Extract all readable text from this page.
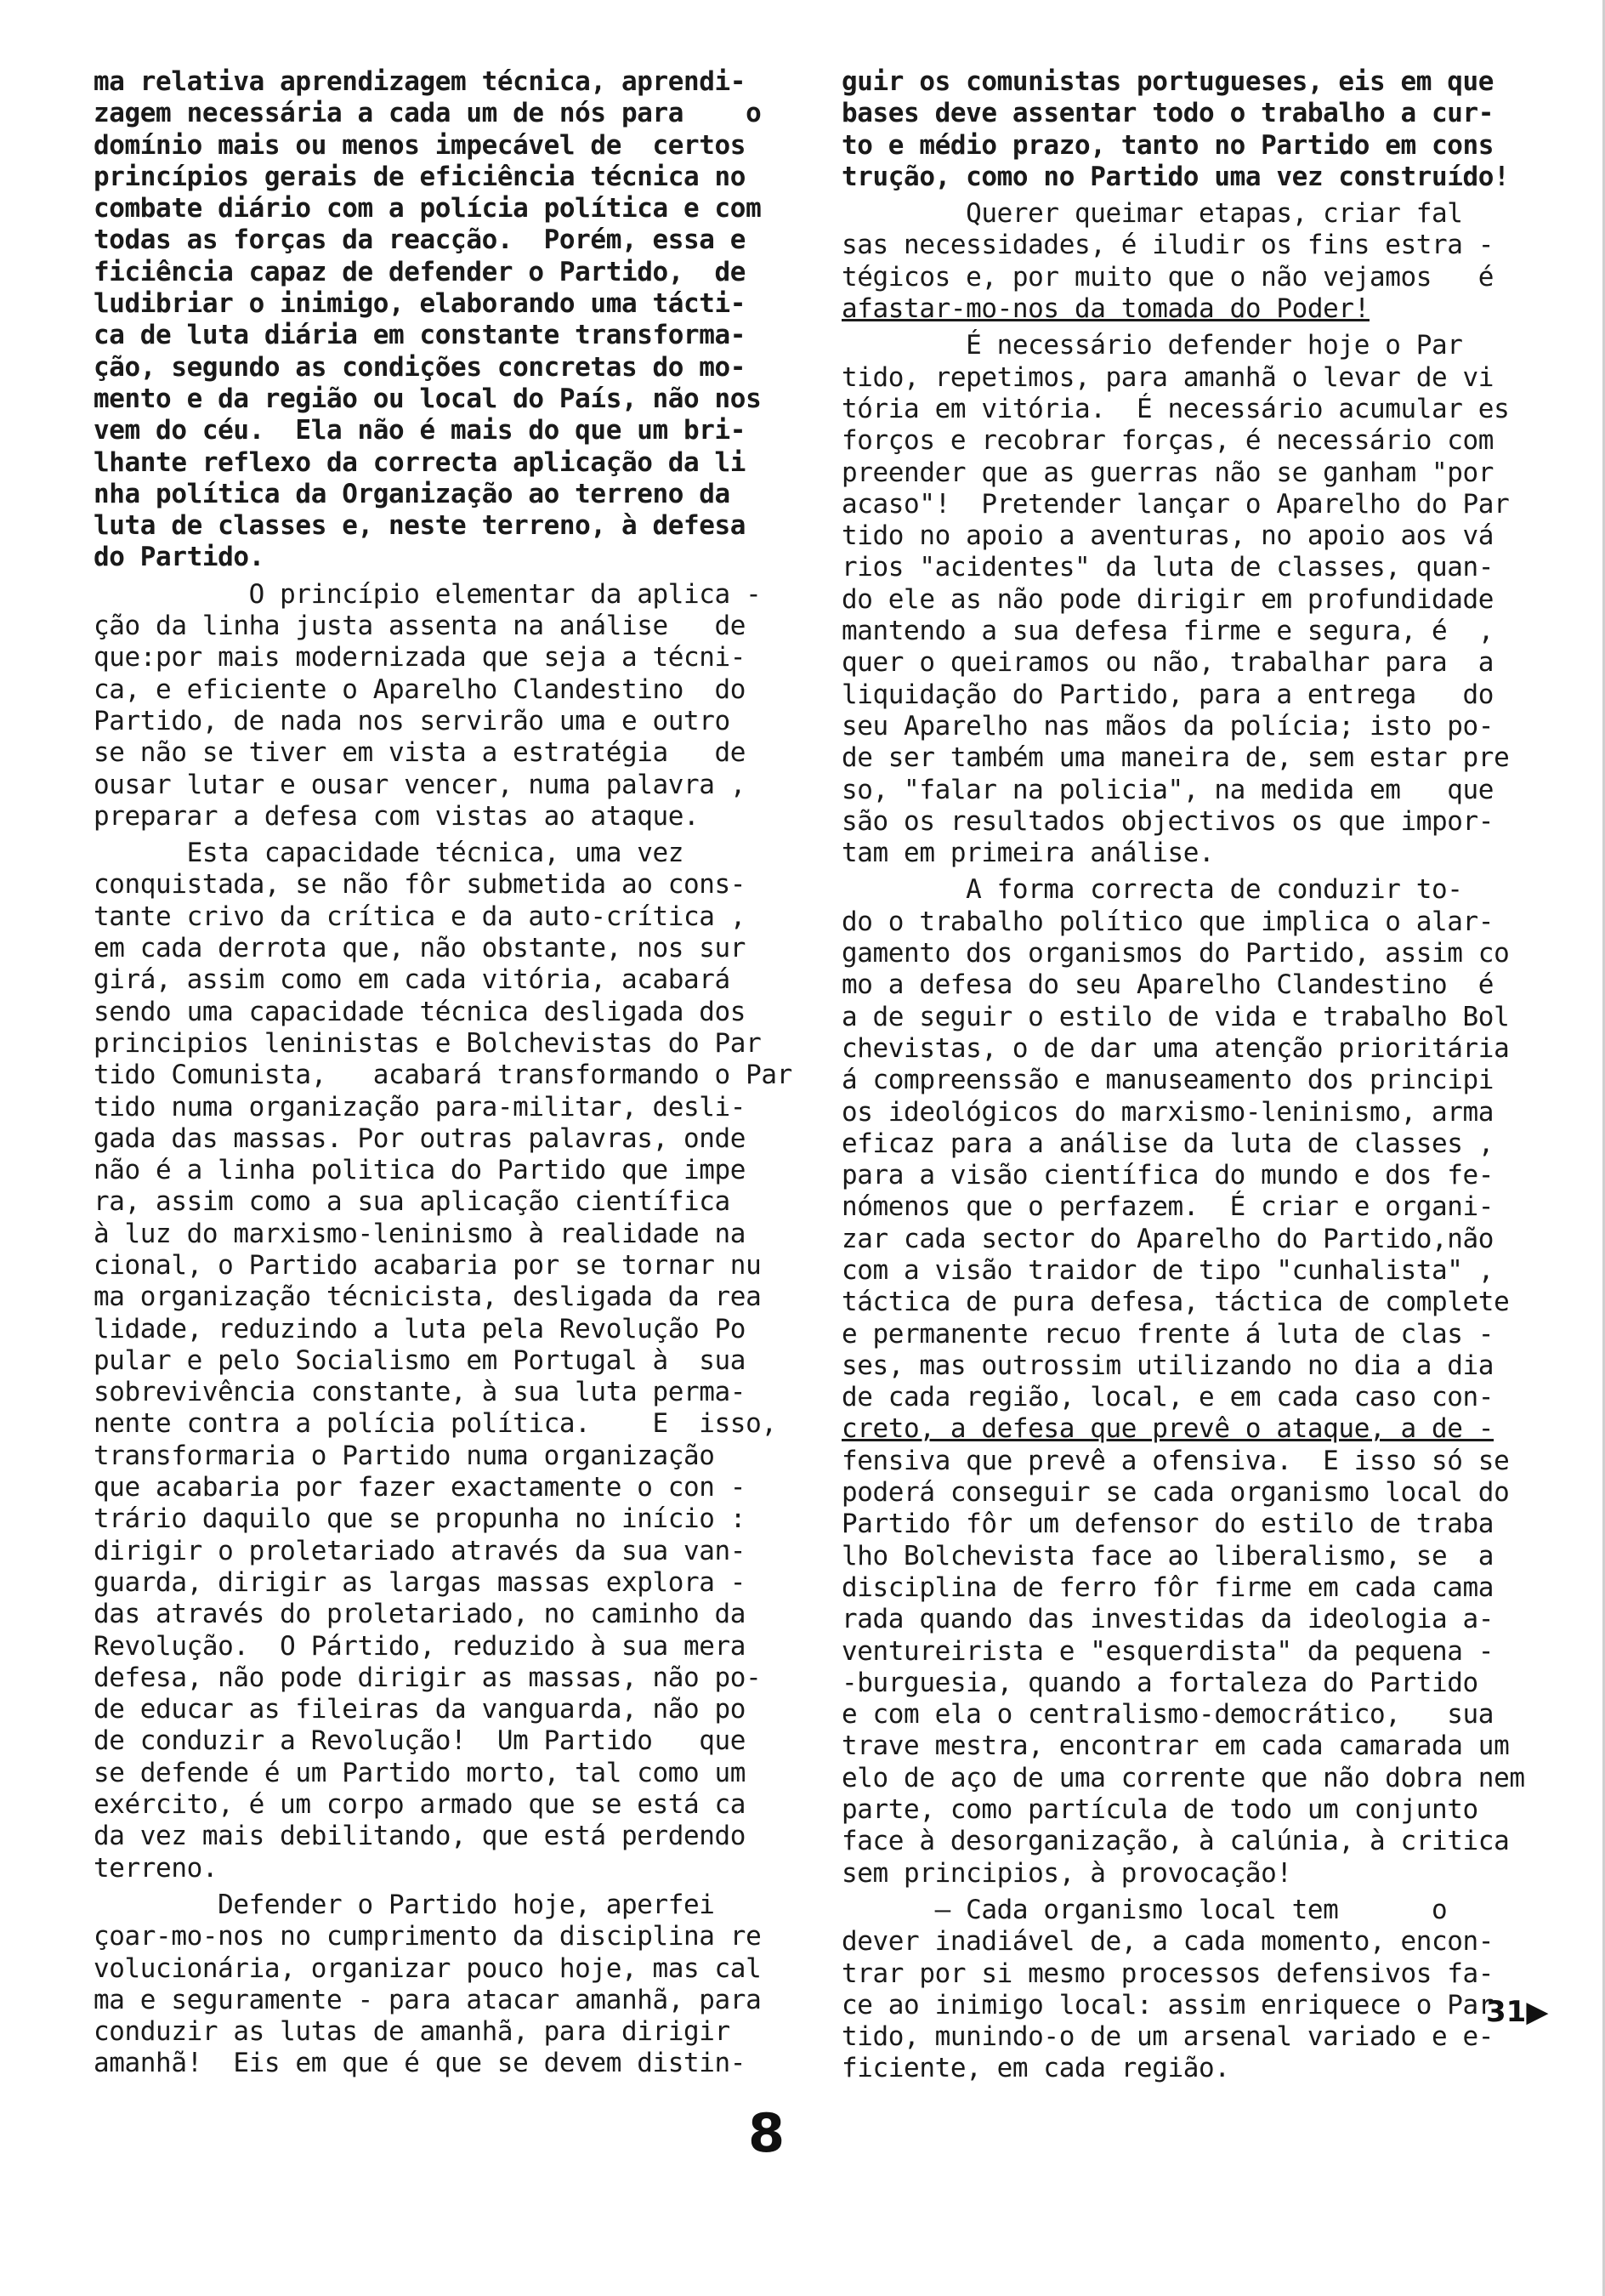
ma relativa aprendizagem técnica, aprendi-
zagem necessária a cada um de nós para    o
domínio mais ou menos impecável de  certos
princípios gerais de eficiência técnica no
combate diário com a polícia política e com
todas as forças da reacção.  Porém, essa e
ficiência capaz de defender o Partido,  de
ludibriar o inimigo, elaborando uma tácti-
ca de luta diária em constante transforma-
ção, segundo as condições concretas do mo-
mento e da região ou local do País, não nos
vem do céu.  Ela não é mais do que um bri-
lhante reflexo da correcta aplicação da li
nha política da Organização ao terreno da
luta de classes e, neste terreno, à defesa
do Partido.
O princípio elementar da aplica -
ção da linha justa assenta na análise   de
que:por mais modernizada que seja a técni-
ca, e eficiente o Aparelho Clandestino  do
Partido, de nada nos servirão uma e outro
se não se tiver em vista a estratégia   de
ousar lutar e ousar vencer, numa palavra ,
preparar a defesa com vistas ao ataque.
Esta capacidade técnica, uma vez
conquistada, se não fôr submetida ao cons-
tante crivo da crítica e da auto-crítica ,
em cada derrota que, não obstante, nos sur
girá, assim como em cada vitória, acabará
sendo uma capacidade técnica desligada dos
principios leninistas e Bolchevistas do Par
tido Comunista,   acabará transformando o Par
tido numa organização para-militar, desli-
gada das massas. Por outras palavras, onde
não é a linha politica do Partido que impe
ra, assim como a sua aplicação científica
à luz do marxismo-leninismo à realidade na
cional, o Partido acabaria por se tornar nu
ma organização técnicista, desligada da rea
lidade, reduzindo a luta pela Revolução Po
pular e pelo Socialismo em Portugal à  sua
sobrevivência constante, à sua luta perma-
nente contra a polícia política.    E  isso,
transformaria o Partido numa organização
que acabaria por fazer exactamente o con -
trário daquilo que se propunha no início :
dirigir o proletariado através da sua van-
guarda, dirigir as largas massas explora -
das através do proletariado, no caminho da
Revolução.  O Pártido, reduzido à sua mera
defesa, não pode dirigir as massas, não po-
de educar as fileiras da vanguarda, não po
de conduzir a Revolução!  Um Partido   que
se defende é um Partido morto, tal como um
exército, é um corpo armado que se está ca
da vez mais debilitando, que está perdendo
terreno.
Defender o Partido hoje, aperfei
çoar-mo-nos no cumprimento da disciplina re
volucionária, organizar pouco hoje, mas cal
ma e seguramente - para atacar amanhã, para
conduzir as lutas de amanhã, para dirigir
amanhã!  Eis em que é que se devem distin-
guir os comunistas portugueses, eis em que
bases deve assentar todo o trabalho a cur-
to e médio prazo, tanto no Partido em cons
trução, como no Partido uma vez construído!
Querer queimar etapas, criar fal
sas necessidades, é iludir os fins estra -
tégicos e, por muito que o não vejamos   é
afastar-mo-nos da tomada do Poder!
É necessário defender hoje o Par
tido, repetimos, para amanhã o levar de vi
tória em vitória.  É necessário acumular es
forços e recobrar forças, é necessário com
preender que as guerras não se ganham "por
acaso"!  Pretender lançar o Aparelho do Par
tido no apoio a aventuras, no apoio aos vá
rios "acidentes" da luta de classes, quan-
do ele as não pode dirigir em profundidade
mantendo a sua defesa firme e segura, é  ,
quer o queiramos ou não, trabalhar para  a
liquidação do Partido, para a entrega   do
seu Aparelho nas mãos da polícia; isto po-
de ser também uma maneira de, sem estar pre
so, "falar na policia", na medida em   que
são os resultados objectivos os que impor-
tam em primeira análise.
A forma correcta de conduzir to-
do o trabalho político que implica o alar-
gamento dos organismos do Partido, assim co
mo a defesa do seu Aparelho Clandestino  é
a de seguir o estilo de vida e trabalho Bol
chevistas, o de dar uma atenção prioritária
á compreenssão e manuseamento dos principi
os ideológicos do marxismo-leninismo, arma
eficaz para a análise da luta de classes ,
para a visão científica do mundo e dos fe-
nómenos que o perfazem.  É criar e organi-
zar cada sector do Aparelho do Partido,não
com a visão traidor de tipo "cunhalista" ,
táctica de pura defesa, táctica de complete
e permanente recuo frente á luta de clas -
ses, mas outrossim utilizando no dia a dia
de cada região, local, e em cada caso con-
creto, a defesa que prevê o ataque, a de -
fensiva que prevê a ofensiva.  E isso só se
poderá conseguir se cada organismo local do
Partido fôr um defensor do estilo de traba
lho Bolchevista face ao liberalismo, se  a
disciplina de ferro fôr firme em cada cama
rada quando das investidas da ideologia a-
ventureirista e "esquerdista" da pequena -
-burguesia, quando a fortaleza do Partido
e com ela o centralismo-democrático,   sua
trave mestra, encontrar em cada camarada um
elo de aço de uma corrente que não dobra nem
parte, como partícula de todo um conjunto
face à desorganização, à calúnia, à critica
sem principios, à provocação!
— Cada organismo local tem      o
dever inadiável de, a cada momento, encon-
trar por si mesmo processos defensivos fa-
ce ao inimigo local: assim enriquece o Par
tido, munindo-o de um arsenal variado e e-
ficiente, em cada região.
8
31▶
